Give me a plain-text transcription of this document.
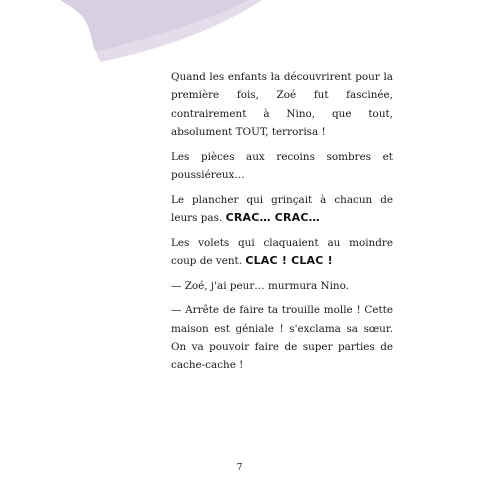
Quand les enfants la découvrirent pour la première fois, Zoé fut fascinée, contrairement à Nino, que tout, absolument TOUT, terrorisa !

Les pièces aux recoins sombres et poussiéreux…

Le plancher qui grinçait à chacun de leurs pas. CRAC… CRAC…

Les volets qui claquaient au moindre coup de vent. CLAC ! CLAC !

— Zoé, j'ai peur… murmura Nino.

— Arrête de faire ta trouille molle ! Cette maison est géniale ! s'exclama sa sœur. On va pouvoir faire de super parties de cache-cache !

7
